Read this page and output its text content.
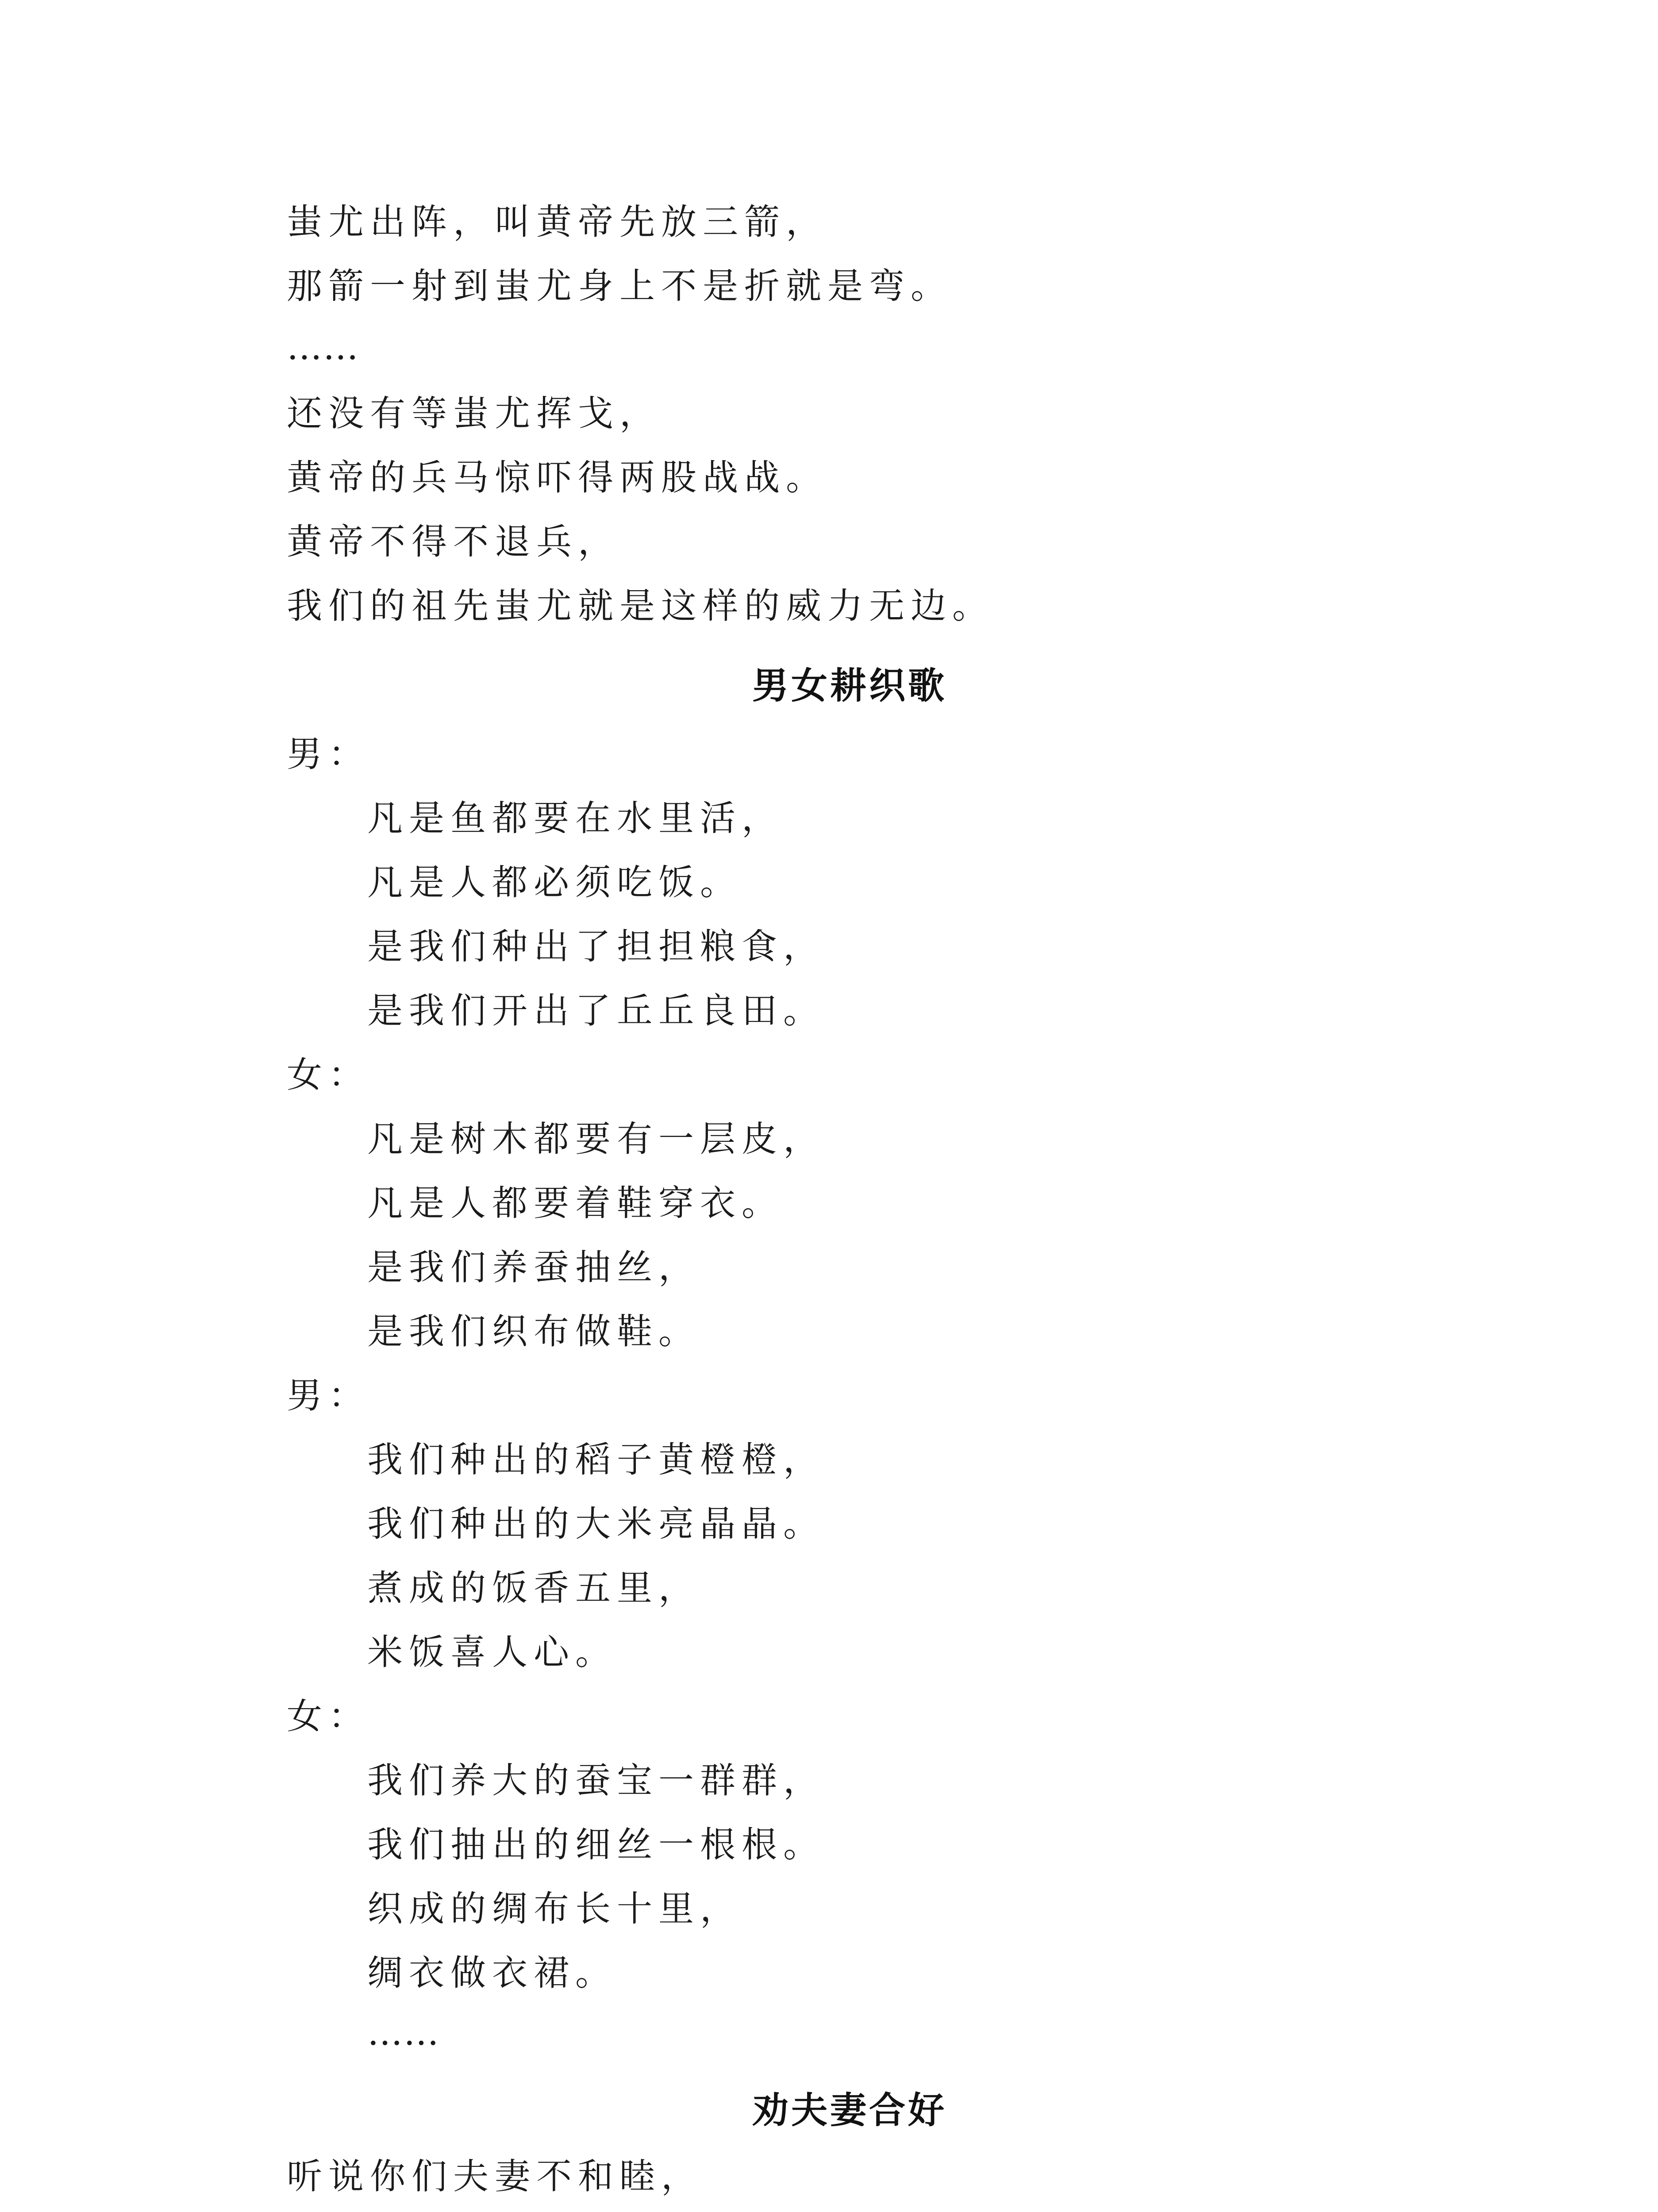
蚩尤出阵，叫黄帝先放三箭，
那箭一射到蚩尤身上不是折就是弯。
……
还没有等蚩尤挥戈，
黄帝的兵马惊吓得两股战战。
黄帝不得不退兵，
我们的祖先蚩尤就是这样的威力无边。
男女耕织歌
男：
凡是鱼都要在水里活，
凡是人都必须吃饭。
是我们种出了担担粮食，
是我们开出了丘丘良田。
女：
凡是树木都要有一层皮，
凡是人都要着鞋穿衣。
是我们养蚕抽丝，
是我们织布做鞋。
男：
我们种出的稻子黄橙橙，
我们种出的大米亮晶晶。
煮成的饭香五里，
米饭喜人心。
女：
我们养大的蚕宝一群群，
我们抽出的细丝一根根。
织成的绸布长十里，
绸衣做衣裙。
……
劝夫妻合好
听说你们夫妻不和睦，
